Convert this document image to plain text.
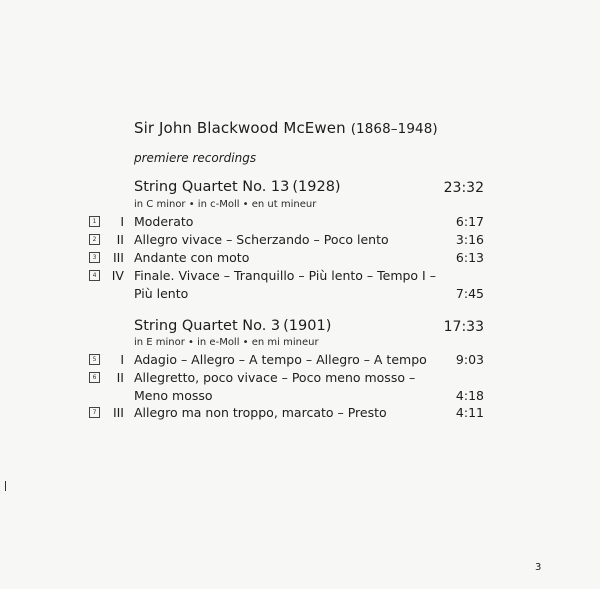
Sir John Blackwood McEwen (1868–1948)
premiere recordings
String Quartet No. 13 (1928)	23:32
in C minor • in c-Moll • en ut mineur
1 I Moderato	6:17
2 II Allegro vivace – Scherzando – Poco lento	3:16
3 III Andante con moto	6:13
4 IV Finale. Vivace – Tranquillo – Più lento – Tempo I –
Più lento	7:45
String Quartet No. 3 (1901)	17:33
in E minor • in e-Moll • en mi mineur
5 I Adagio – Allegro – A tempo – Allegro – A tempo 9:03
6 II Allegretto, poco vivace – Poco meno mosso –
Meno mosso	4:18
7 III Allegro ma non troppo, marcato – Presto	4:11
3
